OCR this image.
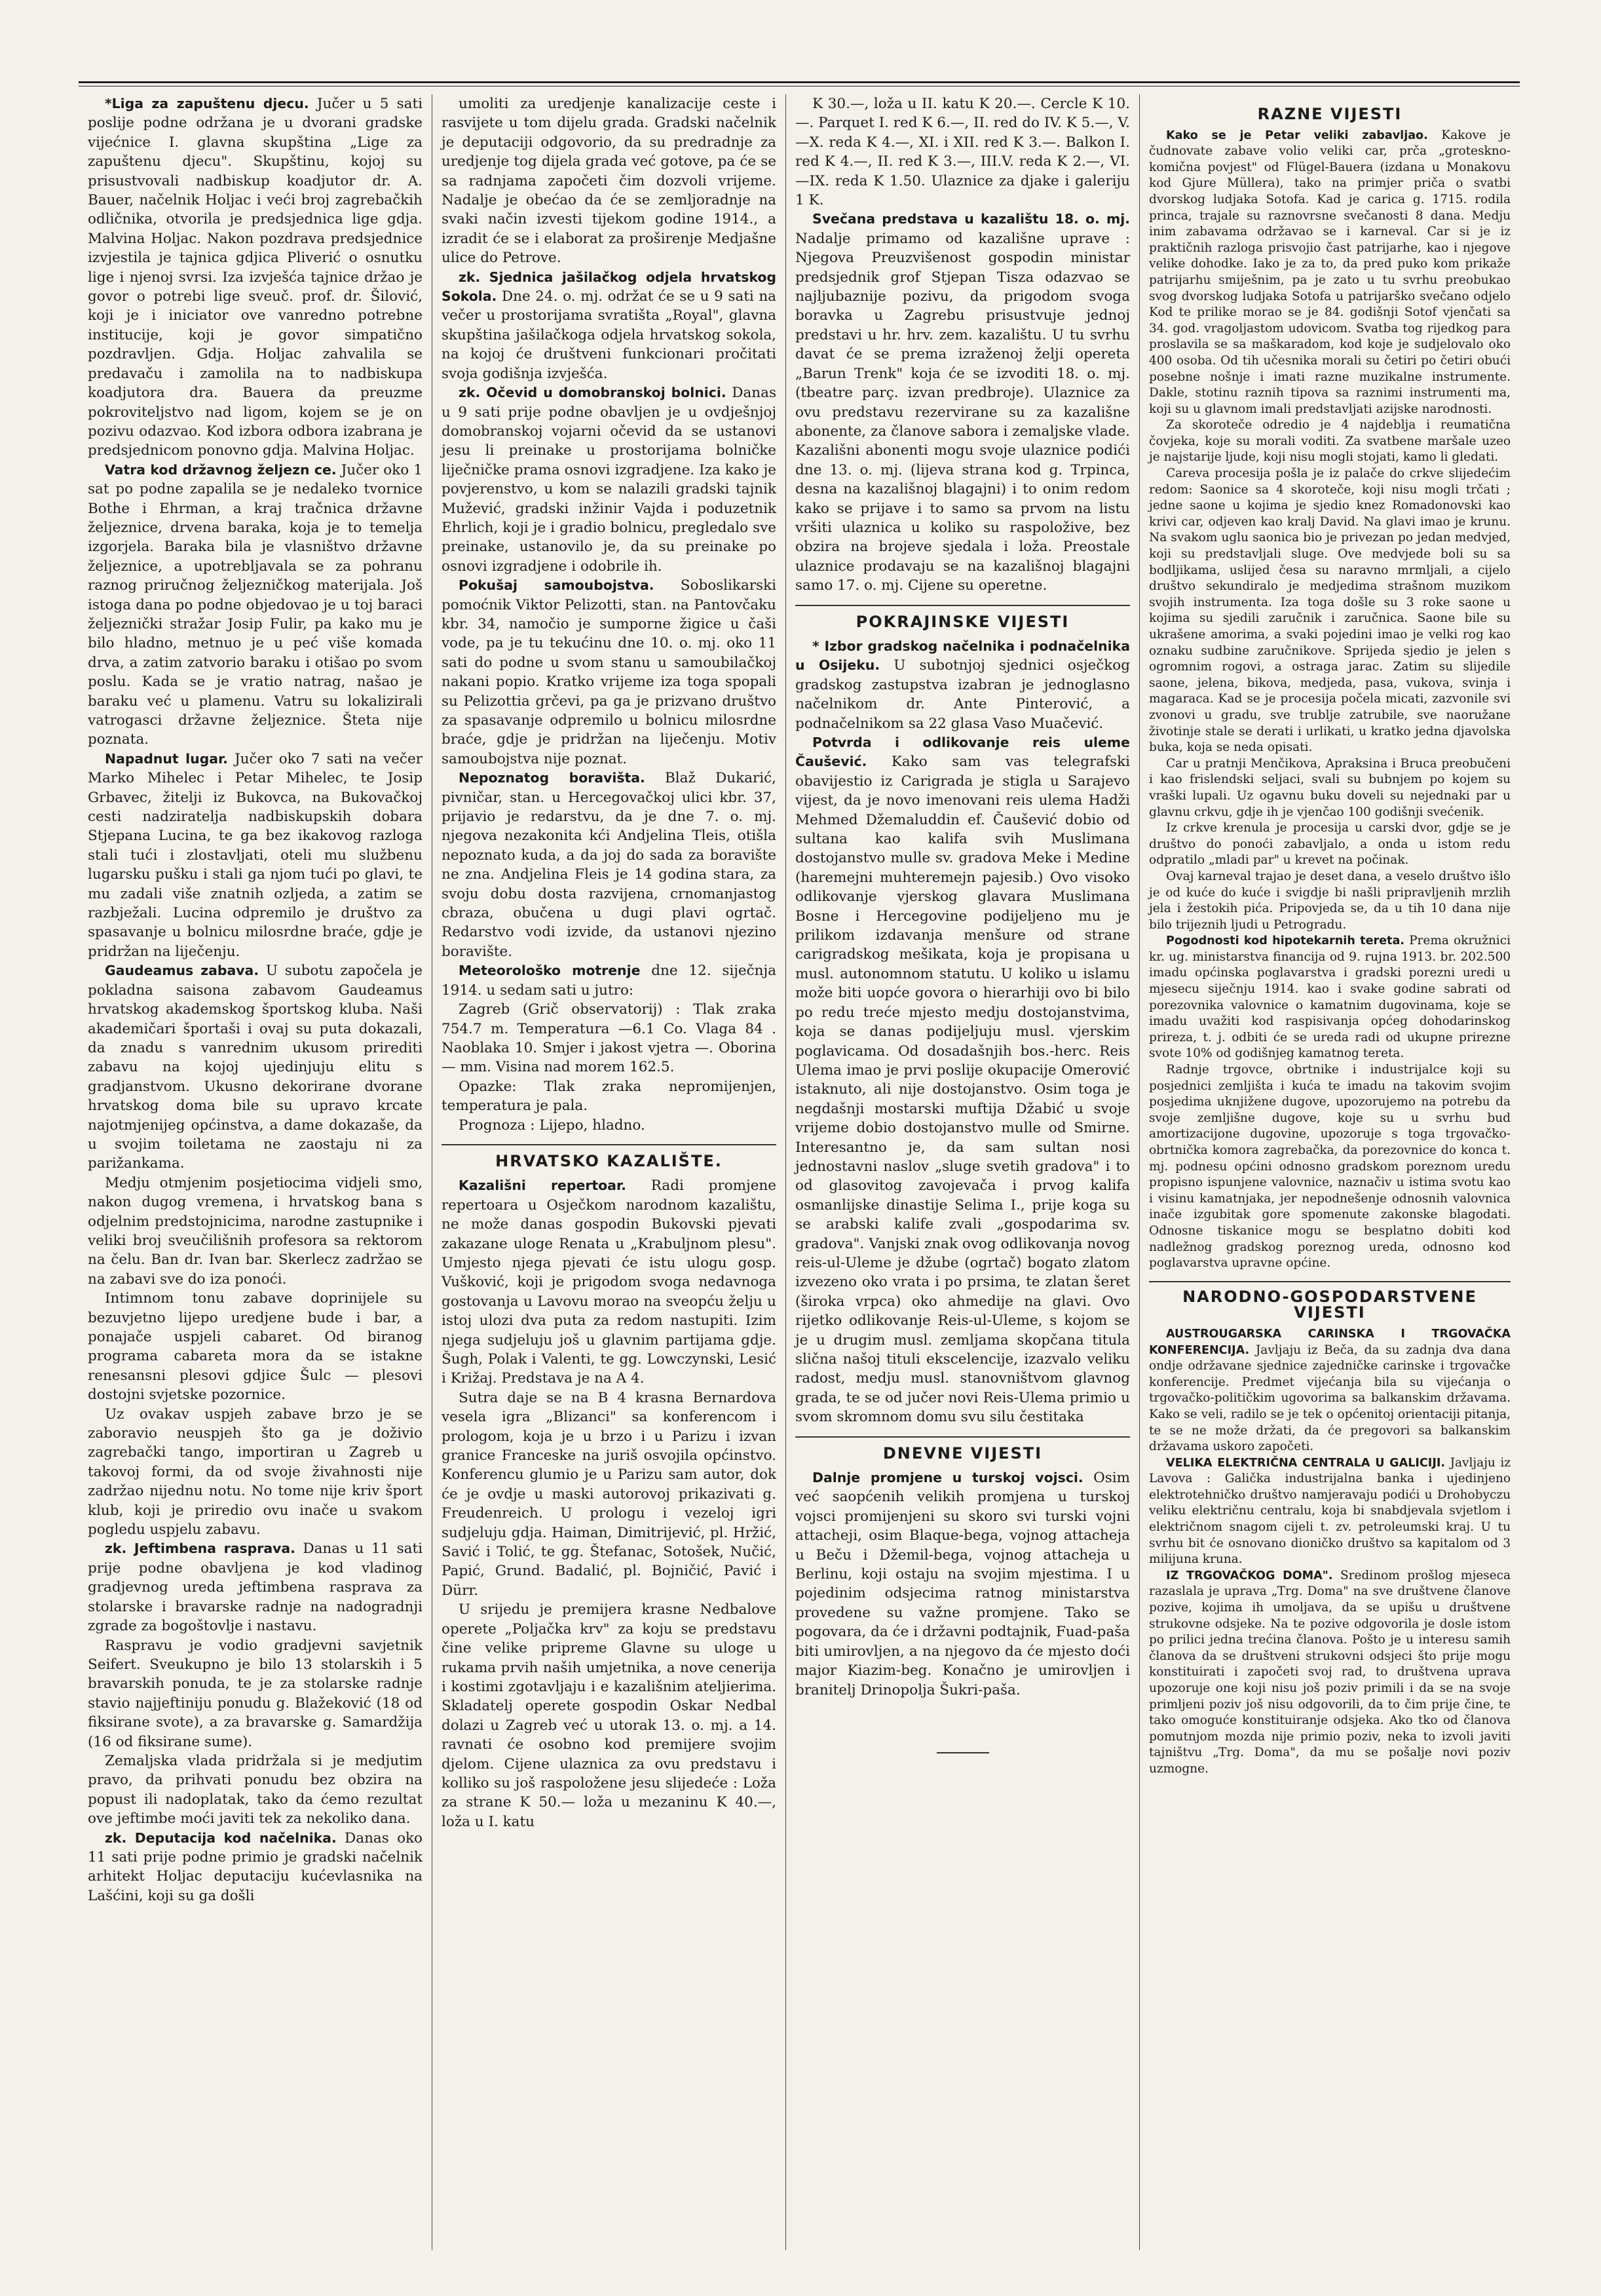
*Liga za zapuštenu djecu. Jučer u 5 sati poslije podne održana je u dvorani gradske vijećnice I. glavna skupština „Lige za zapuštenu djecu". Skupštinu, kojoj su prisustvovali nadbiskup koadjutor dr. A. Bauer, načelnik Holjac i veći broj zagrebačkih odličnika, otvorila je predsjednica lige gdja. Malvina Holjac. Nakon pozdrava predsjednice izvjestila je tajnica gdjica Pliverić o osnutku lige i njenoj svrsi. Iza izvješća tajnice držao je govor o potrebi lige sveuč. prof. dr. Šilović, koji je i iniciator ove vanredno potrebne institucije, koji je govor simpatično pozdravljen. Gdja. Holjac zahvalila se predavaču i zamolila na to nadbiskupa koadjutora dra. Bauera da preuzme pokroviteljstvo nad ligom, kojem se je on pozivu odazvao. Kod izbora odbora izabrana je predsjednicom ponovno gdja. Malvina Holjac.

Vatra kod državnog željezn ce. Jučer oko 1 sat po podne zapalila se je nedaleko tvornice Bothe i Ehrman, a kraj tračnica državne željeznice, drvena baraka, koja je to temelja izgorjela. Baraka bila je vlasništvo državne željeznice, a upotrebljavala se za pohranu raznog priručnog željezničkog materijala. Još istoga dana po podne objedovao je u toj baraci željeznički stražar Josip Fulir, pa kako mu je bilo hladno, metnuo je u peć više komada drva, a zatim zatvorio baraku i otišao po svom poslu. Kada se je vratio natrag, našao je baraku već u plamenu. Vatru su lokalizirali vatrogasci državne željeznice. Šteta nije poznata.

Napadnut lugar. Jučer oko 7 sati na večer Marko Mihelec i Petar Mihelec, te Josip Grbavec, žitelji iz Bukovca, na Bukovačkoj cesti nadziratelja nadbiskupskih dobara Stjepana Lucina, te ga bez ikakovog razloga stali tući i zlostavljati, oteli mu službenu lugarsku pušku i stali ga njom tući po glavi, te mu zadali više znatnih ozljeda, a zatim se razbježali. Lucina odpremilo je društvo za spasavanje u bolnicu milosrdne braće, gdje je pridržan na liječenju.

Gaudeamus zabava. U subotu započela je pokladna saisona zabavom Gaudeamus hrvatskog akademskog športskog kluba. Naši akademičari športaši i ovaj su puta dokazali, da znadu s vanrednim ukusom prirediti zabavu na kojoj ujedinjuju elitu s gradjanstvom. Ukusno dekorirane dvorane hrvatskog doma bile su upravo krcate najotmjenijeg općinstva, a dame dokazaše, da u svojim toiletama ne zaostaju ni za parižankama.

Medju otmjenim posjetiocima vidjeli smo, nakon dugog vremena, i hrvatskog bana s odjelnim predstojnicima, narodne zastupnike i veliki broj sveučilišnih profesora sa rektorom na čelu. Ban dr. Ivan bar. Skerlecz zadržao se na zabavi sve do iza ponoći.

Intimnom tonu zabave doprinijele su bezuvjetno lijepo uredjene bude i bar, a ponajače uspjeli cabaret. Od biranog programa cabareta mora da se istakne renesansni plesovi gdjice Šulc — plesovi dostojni svjetske pozornice.

Uz ovakav uspjeh zabave brzo je se zaboravio neuspjeh što ga je doživio zagrebački tango, importiran u Zagreb u takovoj formi, da od svoje živahnosti nije zadržao nijednu notu. No tome nije kriv šport klub, koji je priredio ovu inače u svakom pogledu uspjelu zabavu.

zk. Jeftimbena rasprava. Danas u 11 sati prije podne obavljena je kod vladinog gradjevnog ureda jeftimbena rasprava za stolarske i bravarske radnje na nadogradnji zgrade za bogoštovlje i nastavu.

Raspravu je vodio gradjevni savjetnik Seifert. Sveukupno je bilo 13 stolarskih i 5 bravarskih ponuda, te je za stolarske radnje stavio najjeftiniju ponudu g. Blažeković (18 od fiksirane svote), a za bravarske g. Samardžija (16 od fiksirane sume).

Zemaljska vlada pridržala si je medjutim pravo, da prihvati ponudu bez obzira na popust ili nadoplatak, tako da ćemo rezultat ove jeftimbe moći javiti tek za nekoliko dana.

zk. Deputacija kod načelnika. Danas oko 11 sati prije podne primio je gradski načelnik arhitekt Holjac deputaciju kućevlasnika na Lašćini, koji su ga došli

umoliti za uredjenje kanalizacije ceste i rasvijete u tom dijelu grada. Gradski načelnik je deputaciji odgovorio, da su predradnje za uredjenje tog dijela grada već gotove, pa će se sa radnjama započeti čim dozvoli vrijeme. Nadalje je obećao da će se zemljoradnje na svaki način izvesti tijekom godine 1914., a izradit će se i elaborat za proširenje Medjašne ulice do Petrove.

zk. Sjednica jašilačkog odjela hrvatskog Sokola. Dne 24. o. mj. održat će se u 9 sati na večer u prostorijama svratišta „Royal", glavna skupština jašilačkoga odjela hrvatskog sokola, na kojoj će društveni funkcionari pročitati svoja godišnja izvješća.

zk. Očevid u domobranskoj bolnici. Danas u 9 sati prije podne obavljen je u ovdješnjoj domobranskoj vojarni očevid da se ustanovi jesu li preinake u prostorijama bolničke liječničke prama osnovi izgradjene. Iza kako je povjerenstvo, u kom se nalazili gradski tajnik Mužević, gradski inžinir Vajda i poduzetnik Ehrlich, koji je i gradio bolnicu, pregledalo sve preinake, ustanovilo je, da su preinake po osnovi izgradjene i odobrile ih.

Pokušaj samoubojstva. Soboslikarski pomoćnik Viktor Pelizotti, stan. na Pantovčaku kbr. 34, namočio je sumporne žigice u čaši vode, pa je tu tekućinu dne 10. o. mj. oko 11 sati do podne u svom stanu u samoubilačkoj nakani popio. Kratko vrijeme iza toga spopali su Pelizottia grčevi, pa ga je prizvano društvo za spasavanje odpremilo u bolnicu milosrdne braće, gdje je pridržan na liječenju. Motiv samoubojstva nije poznat.

Nepoznatog boravišta. Blaž Dukarić, pivničar, stan. u Hercegovačkoj ulici kbr. 37, prijavio je redarstvu, da je dne 7. o. mj. njegova nezakonita kći Andjelina Tleis, otišla nepoznato kuda, a da joj do sada za boravište ne zna. Andjelina Fleis je 14 godina stara, za svoju dobu dosta razvijena, crnomanjastog cbraza, obučena u dugi plavi ogrtač. Redarstvo vodi izvide, da ustanovi njezino boravište.

Meteorološko motrenje dne 12. siječnja 1914. u sedam sati u jutro:

Zagreb (Grič observatorij) : Tlak zraka 754.7 m. Temperatura —6.1 Co. Vlaga 84 . Naoblaka 10. Smjer i jakost vjetra —. Oborina — mm. Visina nad morem 162.5.

Opazke: Tlak zraka nepromijenjen, temperatura je pala.

Prognoza : Lijepo, hladno.

HRVATSKO KAZALIŠTE.

Kazališni repertoar. Radi promjene repertoara u Osječkom narodnom kazalištu, ne može danas gospodin Bukovski pjevati zakazane uloge Renata u „Krabuljnom plesu". Umjesto njega pjevati će istu ulogu gosp. Vušković, koji je prigodom svoga nedavnoga gostovanja u Lavovu morao na sveopću želju u istoj ulozi dva puta za redom nastupiti. Izim njega sudjeluju još u glavnim partijama gdje. Šugh, Polak i Valenti, te gg. Lowczynski, Lesić i Križaj. Predstava je na A 4.

Sutra daje se na B 4 krasna Bernardova vesela igra „Blizanci" sa konferencom i prologom, koja je u brzo i u Parizu i izvan granice Franceske na juriš osvojila općinstvo. Konferencu glumio je u Parizu sam autor, dok će je ovdje u maski autorovoj prikazivati g. Freudenreich. U prologu i vezeloj igri sudjeluju gdja. Haiman, Dimitrijević, pl. Hržić, Savić i Tolić, te gg. Štefanac, Sotošek, Nučić, Papić, Grund. Badalić, pl. Bojničić, Pavić i Dürr.

U srijedu je premijera krasne Nedbalove operete „Poljačka krv" za koju se predstavu čine velike pripreme Glavne su uloge u rukama prvih naših umjetnika, a nove cenerija i kostimi zgotavljaju i e kazališnim ateljierima. Skladatelj operete gospodin Oskar Nedbal dolazi u Zagreb već u utorak 13. o. mj. a 14. ravnati će osobno kod premijere svojim djelom. Cijene ulaznica za ovu predstavu i kolliko su još raspoložene jesu slijedeće : Loža za strane K 50.— loža u mezaninu K 40.—, loža u I. katu

K 30.—, loža u II. katu K 20.—. Cercle K 10.—. Parquet I. red K 6.—, II. red do IV. K 5.—, V.—X. reda K 4.—, XI. i XII. red K 3.—. Balkon I. red K 4.—, II. red K 3.—, III.V. reda K 2.—, VI.—IX. reda K 1.50. Ulaznice za djake i galeriju 1 K.

Svečana predstava u kazalištu 18. o. mj. Nadalje primamo od kazališne uprave : Njegova Preuzvišenost gospodin ministar predsjednik grof Stjepan Tisza odazvao se najljubaznije pozivu, da prigodom svoga boravka u Zagrebu prisustvuje jednoj predstavi u hr. hrv. zem. kazalištu. U tu svrhu davat će se prema izraženoj želji opereta „Barun Trenk" koja će se izvoditi 18. o. mj. (tbeatre parç. izvan predbroje). Ulaznice za ovu predstavu rezervirane su za kazališne abonente, za članove sabora i zemaljske vlade. Kazališni abonenti mogu svoje ulaznice podići dne 13. o. mj. (lijeva strana kod g. Trpinca, desna na kazališnoj blagajni) i to onim redom kako se prijave i to samo sa prvom na listu vršiti ulaznica u koliko su raspoložive, bez obzira na brojeve sjedala i loža. Preostale ulaznice prodavaju se na kazališnoj blagajni samo 17. o. mj. Cijene su operetne.

POKRAJINSKE VIJESTI

* Izbor gradskog načelnika i podnačelnika u Osijeku. U subotnjoj sjednici osječkog gradskog zastupstva izabran je jednoglasno načelnikom dr. Ante Pinterović, a podnačelnikom sa 22 glasa Vaso Muačević.

Potvrda i odlikovanje reis uleme Čaušević. Kako sam vas telegrafski obavijestio iz Carigrada je stigla u Sarajevo vijest, da je novo imenovani reis ulema Hadži Mehmed Džemaluddin ef. Čaušević dobio od sultana kao kalifa svih Muslimana dostojanstvo mulle sv. gradova Meke i Medine (haremejni muhteremejn pajesib.) Ovo visoko odlikovanje vjerskog glavara Muslimana Bosne i Hercegovine podijeljeno mu je prilikom izdavanja menšure od strane carigradskog mešikata, koja je propisana u musl. autonomnom statutu. U koliko u islamu može biti uopće govora o hierarhiji ovo bi bilo po redu treće mjesto medju dostojanstvima, koja se danas podijeljuju musl. vjerskim poglavicama. Od dosadašnjih bos.-herc. Reis Ulema imao je prvi poslije okupacije Omerović istaknuto, ali nije dostojanstvo. Osim toga je negdašnji mostarski muftija Džabić u svoje vrijeme dobio dostojanstvo mulle od Smirne. Interesantno je, da sam sultan nosi jednostavni naslov „sluge svetih gradova" i to od glasovitog zavojevača i prvog kalifa osmanlijske dinastije Selima I., prije koga su se arabski kalife zvali „gospodarima sv. gradova". Vanjski znak ovog odlikovanja novog reis-ul-Uleme je džube (ogrtač) bogato zlatom izvezeno oko vrata i po prsima, te zlatan šeret (široka vrpca) oko ahmedije na glavi. Ovo rijetko odlikovanje Reis-ul-Uleme, s kojom se je u drugim musl. zemljama skopčana titula slična našoj tituli ekscelencije, izazvalo veliku radost, medju musl. stanovništvom glavnog grada, te se od jučer novi Reis-Ulema primio u svom skromnom domu svu silu čestitaka

DNEVNE VIJESTI

Dalnje promjene u turskoj vojsci. Osim već saopćenih velikih promjena u turskoj vojsci promijenjeni su skoro svi turski vojni attacheji, osim Blaque-bega, vojnog attacheja u Beču i Džemil-bega, vojnog attacheja u Berlinu, koji ostaju na svojim mjestima. I u pojedinim odsjecima ratnog ministarstva provedene su važne promjene. Tako se pogovara, da će i državni podtajnik, Fuad-paša biti umirovljen, a na njegovo da će mjesto doći major Kiazim-beg. Konačno je umirovljen i branitelj Drinopolja Šukri-paša.

RAZNE VIJESTI

Kako se je Petar veliki zabavljao. Kakove je čudnovate zabave volio veliki car, prča „groteskno-komična povjest" od Flügel-Bauera (izdana u Monakovu kod Gjure Müllera), tako na primjer priča o svatbi dvorskog ludjaka Sotofa. Kad je carica g. 1715. rodila princa, trajale su raznovrsne svečanosti 8 dana. Medju inim zabavama održavao se i karneval. Car si je iz praktičnih razloga prisvojio čast patrijarhe, kao i njegove velike dohodke. Iako je za to, da pred puko kom prikaže patrijarhu smiješnim, pa je zato u tu svrhu preobukao svog dvorskog ludjaka Sotofa u patrijarško svečano odjelo Kod te prilike morao se je 84. godišnji Sotof vjenčati sa 34. god. vragoljastom udovicom. Svatba tog rijedkog para proslavila se sa maškaradom, kod koje je sudjelovalo oko 400 osoba. Od tih učesnika morali su četiri po četiri obući posebne nošnje i imati razne muzikalne instrumente. Dakle, stotinu raznih tipova sa raznimi instrumenti ma, koji su u glavnom imali predstavljati azijske narodnosti.

Za skorotečе odredio je 4 najdeblja i reumatična čovjeka, koje su morali voditi. Za svatbene maršale uzeo je najstarije ljude, koji nisu mogli stojati, kamo li gledati.

Careva procesija pošla je iz palače do crkve slijedećim redom: Saonice sa 4 skorotečе, koji nisu mogli trčati ; jedne saone u kojima je sjedio knez Romadonovski kao krivi car, odjeven kao kralj David. Na glavi imao je krunu. Na svakom uglu saonica bio je privezan po jedan medvjed, koji su predstavljali sluge. Ove medvjede boli su sa bodljikama, uslijed česa su naravno mrmljali, a cijelo društvo sekundiralo je medjedima strašnom muzikom svojih instrumenta. Iza toga došle su 3 roke saone u kojima su sjedili zaručnik i zaručnica. Saone bile su ukrašene amorima, a svaki pojedini imao je velki rog kao oznaku sudbine zaručnikove. Sprijeda sjedio je jelen s ogromnim rogovi, a ostraga jarac. Zatim su slijedile saone, jelena, bikova, medjeda, pasa, vukova, svinja i magaraca. Kad se je procesija počela micati, zazvonile svi zvonovi u gradu, sve trublje zatrubile, sve naoružane životinje stale se derati i urlikati, u kratko jedna djavolska buka, koja se neda opisati.

Car u pratnji Menčikova, Apraksina i Bruca preobučeni i kao frislendski seljaci, svali su bubnjem po kojem su vraški lupali. Uz ogavnu buku doveli su nejednaki par u glavnu crkvu, gdje ih je vjenčao 100 godišnji svećenik.

Iz crkve krenula je procesija u carski dvor, gdje se je društvo do ponoći zabavljalo, a onda u istom redu odpratilo „mladi par" u krevet na počinak.

Ovaj karneval trajao je deset dana, a veselo društvo išlo je od kuće do kuće i svigdje bi našli pripravljenih mrzlih jela i žestokih pića. Pripovjeda se, da u tih 10 dana nije bilo trijeznih ljudi u Petrogradu.

Pogodnosti kod hipotekarnih tereta. Prema okružnici kr. ug. ministarstva financija od 9. rujna 1913. br. 202.500 imadu općinska poglavarstva i gradski porezni uredi u mjesecu siječnju 1914. kao i svake godine sabrati od porezovnika valovnice o kamatnim dugovinama, koje se imadu uvažiti kod raspisivanja općeg dohodarinskog prireza, t. j. odbiti će se ureda radi od ukupne prirezne svote 10% od godišnjeg kamatnog tereta.

Radnje trgovce, obrtnike i industrijalce koji su posjednici zemljišta i kuća te imadu na takovim svojim posjedima uknjižene dugove, upozorujemo na potrebu da svoje zemljišne dugove, koje su u svrhu bud amortizacijone dugovine, upozoruje s toga trgovačko-obrtnička komora zagrebačka, da porezovnice do konca t. mj. podnesu općini odnosno gradskom poreznom uredu propisno ispunjene valovnice, naznačiv u istima svotu kao i visinu kamatnjaka, jer nepodnešenje odnosnih valovnica inače izgubitak gore spomenute zakonske blagodati. Odnosne tiskanice mogu se besplatno dobiti kod nadležnog gradskog poreznog ureda, odnosno kod poglavarstva upravne općine.

NARODNO-GOSPODARSTVENE VIJESTI

AUSTROUGARSKA CARINSKA I TRGOVAČKA KONFERENCIJA. Javljaju iz Beča, da su zadnja dva dana ondje održavane sjednice zajedničke carinske i trgovačke konferencije. Predmet vijećanja bila su vijećanja o trgovačko-političkim ugovorima sa balkanskim državama. Kako se veli, radilo se je tek o općenitoj orientaciji pitanja, te se ne može držati, da će pregovori sa balkanskim državama uskoro započeti.

VELIKA ELEKTRIČNA CENTRALA U GALICIJI. Javljaju iz Lavova : Galička industrijalna banka i ujedinjeno elektrotehničko društvo namjeravaju podići u Drohobyczu veliku električnu centralu, koja bi snabdjevala svjetlom i električnom snagom cijeli t. zv. petroleumski kraj. U tu svrhu bit će osnovano dioničko društvo sa kapitalom od 3 milijuna kruna.

IZ TRGOVAČKOG DOMA". Sredinom prošlog mjeseca razaslala je uprava „Trg. Doma" na sve društvene članove pozive, kojima ih umoljava, da se upišu u društvene strukovne odsjeke. Na te pozive odgovorila je dosle istom po prilici jedna trećina članova. Pošto je u interesu samih članova da se društveni strukovni odsjeci što prije mogu konstituirati i započeti svoj rad, to društvena uprava upozoruje one koji nisu još poziv primili i da se na svoje primljeni poziv još nisu odgovorili, da to čim prije čine, te tako omoguće konstituiranje odsjeka. Ako tko od članova pomutnjom mozda nije primio poziv, neka to izvoli javiti tajništvu „Trg. Doma", da mu se pošalje novi poziv uzmogne.
